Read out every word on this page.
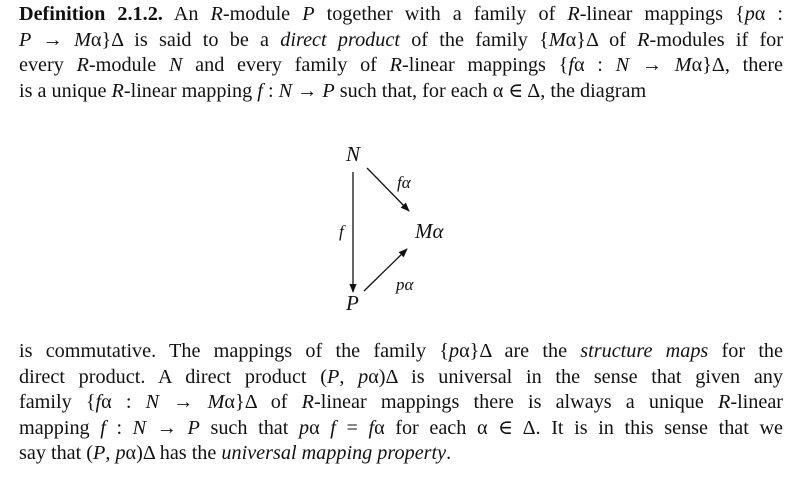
Definition 2.1.2. An R-module P together with a family of R-linear mappings {pα :
P → Mα}Δ is said to be a direct product of the family {Mα}Δ of R-modules if for
every R-module N and every family of R-linear mappings {fα : N → Mα}Δ, there
is a unique R-linear mapping f : N → P such that, for each α ∈ Δ, the diagram
N
Mα
P
f
fα
pα
is commutative. The mappings of the family {pα}Δ are the structure maps for the
direct product. A direct product (P, pα)Δ is universal in the sense that given any
family {fα : N → Mα}Δ of R-linear mappings there is always a unique R-linear
mapping f : N → P such that pα f = fα for each α ∈ Δ. It is in this sense that we
say that (P, pα)Δ has the universal mapping property.
